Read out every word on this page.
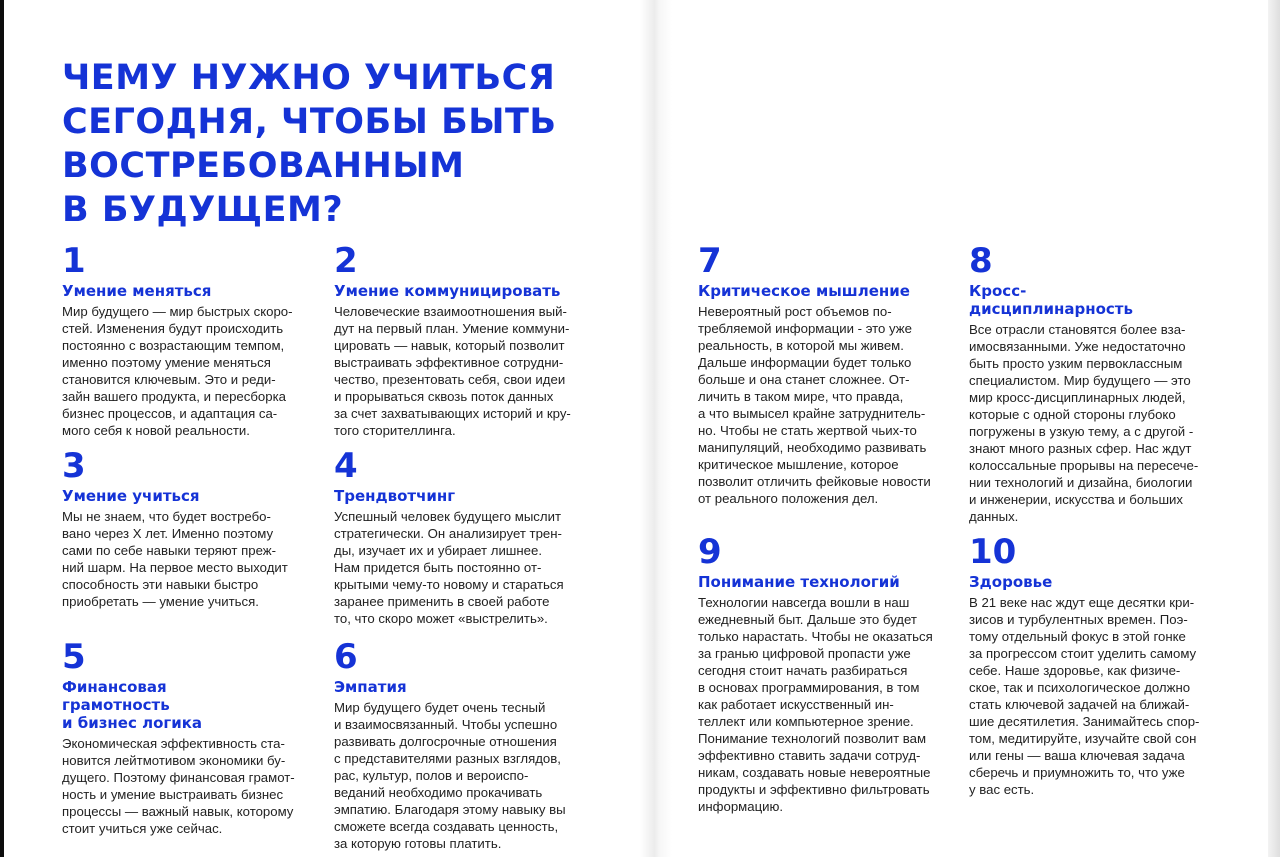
ЧЕМУ НУЖНО УЧИТЬСЯ
СЕГОДНЯ, ЧТОБЫ БЫТЬ
ВОСТРЕБОВАННЫМ
В БУДУЩЕМ?
1
Умение меняться
Мир будущего — мир быстрых скоро-
стей. Изменения будут происходить
постоянно с возрастающим темпом,
именно поэтому умение меняться
становится ключевым. Это и реди-
зайн вашего продукта, и пересборка
бизнес процессов, и адаптация са-
мого себя к новой реальности.
2
Умение коммуницировать
Человеческие взаимоотношения вый-
дут на первый план. Умение коммуни-
цировать — навык, который позволит
выстраивать эффективное сотрудни-
чество, презентовать себя, свои идеи
и прорываться сквозь поток данных
за счет захватывающих историй и кру-
того сторителлинга.
3
Умение учиться
Мы не знаем, что будет востребо-
вано через X лет. Именно поэтому
сами по себе навыки теряют преж-
ний шарм. На первое место выходит
способность эти навыки быстро
приобретать — умение учиться.
4
Трендвотчинг
Успешный человек будущего мыслит
стратегически. Он анализирует трен-
ды, изучает их и убирает лишнее.
Нам придется быть постоянно от-
крытыми чему-то новому и стараться
заранее применить в своей работе
то, что скоро может «выстрелить».
5
Финансовая
грамотность
и бизнес логика
Экономическая эффективность ста-
новится лейтмотивом экономики бу-
дущего. Поэтому финансовая грамот-
ность и умение выстраивать бизнес
процессы — важный навык, которому
стоит учиться уже сейчас.
6
Эмпатия
Мир будущего будет очень тесный
и взаимосвязанный. Чтобы успешно
развивать долгосрочные отношения
с представителями разных взглядов,
рас, культур, полов и вероиспо-
веданий необходимо прокачивать
эмпатию. Благодаря этому навыку вы
сможете всегда создавать ценность,
за которую готовы платить.
7
Критическое мышление
Невероятный рост объемов по-
требляемой информации - это уже
реальность, в которой мы живем.
Дальше информации будет только
больше и она станет сложнее. От-
личить в таком мире, что правда,
а что вымысел крайне затруднитель-
но. Чтобы не стать жертвой чьих-то
манипуляций, необходимо развивать
критическое мышление, которое
позволит отличить фейковые новости
от реального положения дел.
8
Кросс-
дисциплинарность
Все отрасли становятся более вза-
имосвязанными. Уже недостаточно
быть просто узким первоклассным
специалистом. Мир будущего — это
мир кросс-дисциплинарных людей,
которые с одной стороны глубоко
погружены в узкую тему, а с другой -
знают много разных сфер. Нас ждут
колоссальные прорывы на пересече-
нии технологий и дизайна, биологии
и инженерии, искусства и больших
данных.
9
Понимание технологий
Технологии навсегда вошли в наш
ежедневный быт. Дальше это будет
только нарастать. Чтобы не оказаться
за гранью цифровой пропасти уже
сегодня стоит начать разбираться
в основах программирования, в том
как работает искусственный ин-
теллект или компьютерное зрение.
Понимание технологий позволит вам
эффективно ставить задачи сотруд-
никам, создавать новые невероятные
продукты и эффективно фильтровать
информацию.
10
Здоровье
В 21 веке нас ждут еще десятки кри-
зисов и турбулентных времен. Поэ-
тому отдельный фокус в этой гонке
за прогрессом стоит уделить самому
себе. Наше здоровье, как физиче-
ское, так и психологическое должно
стать ключевой задачей на ближай-
шие десятилетия. Занимайтесь спор-
том, медитируйте, изучайте свой сон
или гены — ваша ключевая задача
сберечь и приумножить то, что уже
у вас есть.
